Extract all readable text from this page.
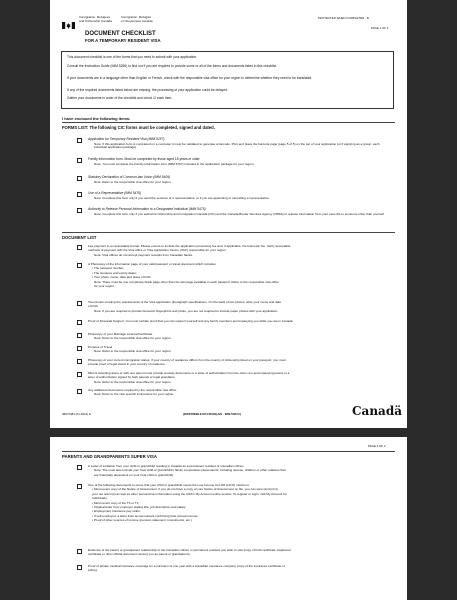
Immigration, Refugees
and Citizenship Canada
Immigration, Réfugiés
et Citoyenneté Canada
PROTECTED WHEN COMPLETED - B
PAGE 1 OF 2
DOCUMENT CHECKLIST
FOR A TEMPORARY RESIDENT VISA
This document checklist is one of the forms that you need to submit with your application.
Consult the Instruction Guide (IMM 5256) to find out if you are required to provide some or all of the forms and documents listed in this checklist.
If your documents are in a language other than English or French, check with the responsible visa office for your region to determine whether they need to be translated.
If any of the required documents listed below are missing, the processing of your application could be delayed.
Gather your documents in order of the checklist and check ☑ each item.
I have enclosed the following items:
FORMS LIST: The following CIC forms must be completed, signed and dated.
Application for Temporary Resident Visa (IMM 5257)
Note: If this application form is completed on a computer it must be validated to generate a barcode. Print and place the barcode page (page 5 of 5) on the top of your application (or if applying as a group, each individual application package).
Family Information form. Must be completed by those aged 18 years or older.
Note: You must complete the Family Information form (IMM 5707) included in the application package for your region.
Statutory Declaration of Common-law Union (IMM 5409)
Note: Refer to the responsible visa office for your region.
Use of a Representative (IMM 5476)
Note: Complete this form only if you used the services of a representative, or if you are appointing or cancelling a representative.
Authority to Release Personal Information to a Designated Individual (IMM 5475)
Note: Complete this form only if you authorize Citizenship and Immigration Canada (CIC) and the Canada Border Services Agency (CBSA) to release information from your case file to someone other than yourself.
DOCUMENT LIST
Fee payment in an acceptable format. Please ensure to include the application processing fee and, if applicable, the biometric fee. Verify acceptable
methods of payment with the Visa office or Visa Application Centre (VAC) responsible for your region.
Note: Visa offices do not accept payment receipts from Canadian banks.
A Photocopy of the information page of your valid passport or travel document which includes:
• The passport number;
• The issuance and expiry dates;
• Your photo, name, date and place of birth.
Note: There must be one completely blank page other than the last page available in each passport. Refer to the responsible visa office
for your region.
Two photos meeting the requirements of the Visa application photograph specifications. On the back of two photos, write your name and date
of birth.
Note: If you are required to provide biometric fingerprints and photo, you are not required to include paper photos with your application.
Proof of Financial Support. You must include proof that you can support yourself and any family members accompanying you while you are in Canada.
Photocopy of your Marriage License/Certificate
Note: Refer to the responsible visa office for your region.
Purpose of Travel
Note: Refer to the responsible visa office for your region.
Photocopy of your current immigration status, if your country of residence differs from the country of citizenship listed on your passport, you must
provide proof of legal status in your country of residence.
Minors travelling alone or with one parent must provide custody documents or a letter of authorization from the other non accompanying parent or a
letter of authorization signed by both parents or legal guardians.
Note: Refer to the responsible visa office for your region.
Any additional documents required by the responsible visa office.
Note: Refer to the visa specific instructions for your region.
IMM 5484 (01-2016) E	(DISPONIBLE EN FRANÇAIS - IMM 5484 F)	Canadä
PAGE 2 OF 2
PARENTS AND GRANDPARENTS SUPER VISA
A Letter of invitation from your child or grandchild residing in Canada as a permanent resident or Canadian citizen.
Note: The must also include your host child or grandchild's family composition (dependents, including spouse, children or other relatives that
are financially dependent on your host child or grandchild).
One of the following documents to prove that your child or grandchild meets the Low Income Cut-Off (LICO) minimum:
• Most recent copy of the Notice of Assessment. If you do not have a copy of your Notice of Assessment on file, you can view (and print)
your tax return(s) as well as other personal tax information using the CRA's My Account online service. To register or login, visit My Account for
Individuals;
• Most recent copy of the T4 or T1;
• Original letter from employer stating title, job description and salary;
• Employment Insurance pay stubs;
• If self-employed, a letter from an accountant confirming their annual income;
• Proof of other sources of income (pension statement, investments, etc.)
Evidence of the parent or grandparent relationship to the Canadian citizen or permanent resident you wish to visit (copy of birth certificate, baptismal
certificate or other official document naming you as parent or grandparent).
Proof of private medical insurance coverage for a minimum of one year with a Canadian insurance company (copy of the insurance certificate or
policy).
